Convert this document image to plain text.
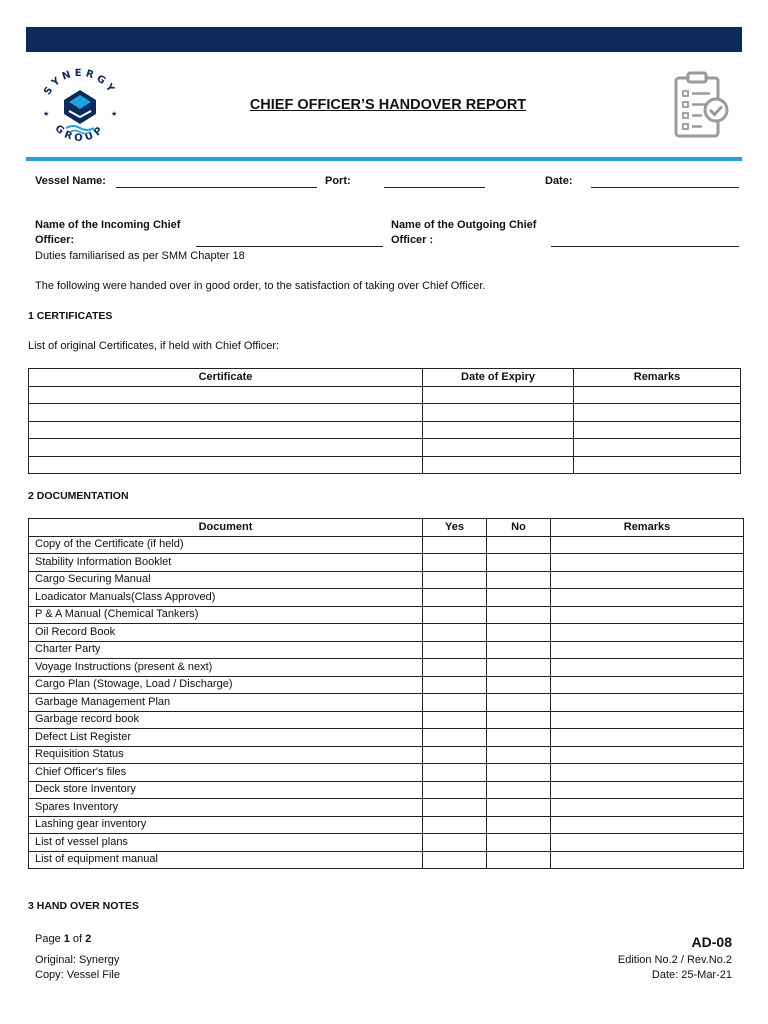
SYNERGY
GROUP
★	★
CHIEF OFFICER’S HANDOVER REPORT
Vessel Name:	Port:	Date:
Name of the Incoming Chief
Officer:
Name of the Outgoing Chief
Officer :
Duties familiarised as per SMM Chapter 18
The following were handed over in good order, to the satisfaction of taking over Chief Officer.
1 CERTIFICATES
List of original Certificates, if held with Chief Officer:
Certificate	Date of Expiry	Remarks

2 DOCUMENTATION
Document	Yes	No	Remarks
Copy of the Certificate (if held)			
Stability Information Booklet			
Cargo Securing Manual			
Loadicator Manuals(Class Approved)			
P & A Manual (Chemical Tankers)			
Oil Record Book			
Charter Party			
Voyage Instructions (present & next)			
Cargo Plan (Stowage, Load / Discharge)			
Garbage Management Plan			
Garbage record book			
Defect List Register			
Requisition Status			
Chief Officer's files			
Deck store Inventory			
Spares Inventory			
Lashing gear inventory			
List of vessel plans			
List of equipment manual			
3 HAND OVER NOTES
Page 1 of 2
Original: Synergy
Copy: Vessel File
AD-08
Edition No.2 / Rev.No.2
Date: 25-Mar-21
